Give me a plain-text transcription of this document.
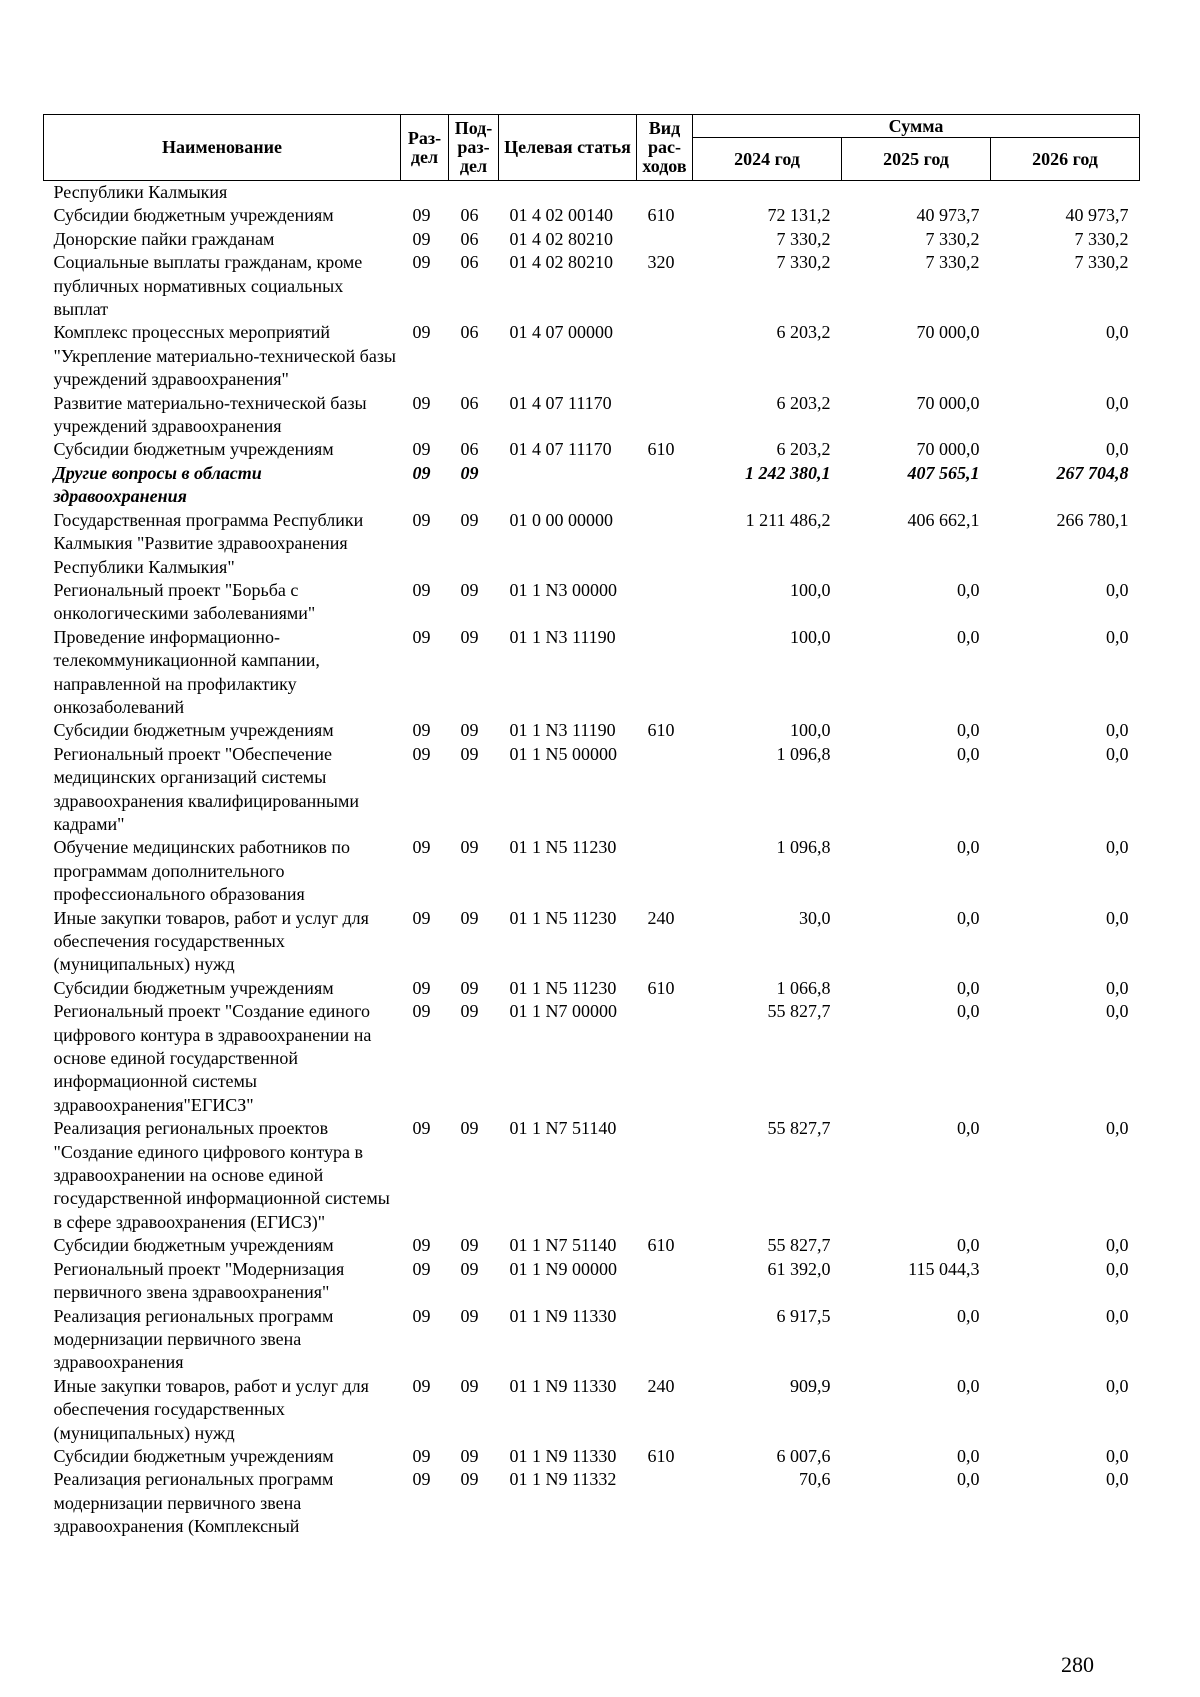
Наименование	Раз-дел	Под-раз-дел	Целевая статья	Вид рас-ходов	Сумма		
					2024 год	2025 год	2026 год
Республики Калмыкия							
Субсидии бюджетным учреждениям	09	06	01 4 02 00140	610	72 131,2	40 973,7	40 973,7
Донорские пайки гражданам	09	06	01 4 02 80210		7 330,2	7 330,2	7 330,2
Социальные выплаты гражданам, кроме публичных нормативных социальных выплат	09	06	01 4 02 80210	320	7 330,2	7 330,2	7 330,2
Комплекс процессных мероприятий "Укрепление материально-технической базы учреждений здравоохранения"	09	06	01 4 07 00000		6 203,2	70 000,0	0,0
Развитие материально-технической базы учреждений здравоохранения	09	06	01 4 07 11170		6 203,2	70 000,0	0,0
Субсидии бюджетным учреждениям	09	06	01 4 07 11170	610	6 203,2	70 000,0	0,0
Другие вопросы в области здравоохранения	09	09			1 242 380,1	407 565,1	267 704,8
Государственная программа Республики Калмыкия "Развитие здравоохранения Республики Калмыкия"	09	09	01 0 00 00000		1 211 486,2	406 662,1	266 780,1
Региональный проект "Борьба с онкологическими заболеваниями"	09	09	01 1 N3 00000		100,0	0,0	0,0
Проведение информационно-телекоммуникационной кампании, направленной на профилактику онкозаболеваний	09	09	01 1 N3 11190		100,0	0,0	0,0
Субсидии бюджетным учреждениям	09	09	01 1 N3 11190	610	100,0	0,0	0,0
Региональный проект "Обеспечение медицинских организаций системы здравоохранения квалифицированными кадрами"	09	09	01 1 N5 00000		1 096,8	0,0	0,0
Обучение медицинских работников по программам дополнительного профессионального образования	09	09	01 1 N5 11230		1 096,8	0,0	0,0
Иные закупки товаров, работ и услуг для обеспечения государственных (муниципальных) нужд	09	09	01 1 N5 11230	240	30,0	0,0	0,0
Субсидии бюджетным учреждениям	09	09	01 1 N5 11230	610	1 066,8	0,0	0,0
Региональный проект "Создание единого цифрового контура в здравоохранении на основе единой государственной информационной системы здравоохранения"ЕГИСЗ"	09	09	01 1 N7 00000		55 827,7	0,0	0,0
Реализация региональных проектов "Создание единого цифрового контура в здравоохранении на основе единой государственной информационной системы в сфере здравоохранения (ЕГИСЗ)"	09	09	01 1 N7 51140		55 827,7	0,0	0,0
Субсидии бюджетным учреждениям	09	09	01 1 N7 51140	610	55 827,7	0,0	0,0
Региональный проект "Модернизация первичного звена здравоохранения"	09	09	01 1 N9 00000		61 392,0	115 044,3	0,0
Реализация региональных программ модернизации первичного звена здравоохранения	09	09	01 1 N9 11330		6 917,5	0,0	0,0
Иные закупки товаров, работ и услуг для обеспечения государственных (муниципальных) нужд	09	09	01 1 N9 11330	240	909,9	0,0	0,0
Субсидии бюджетным учреждениям	09	09	01 1 N9 11330	610	6 007,6	0,0	0,0
Реализация региональных программ модернизации первичного звена здравоохранения (Комплексный	09	09	01 1 N9 11332		70,6	0,0	0,0
280
